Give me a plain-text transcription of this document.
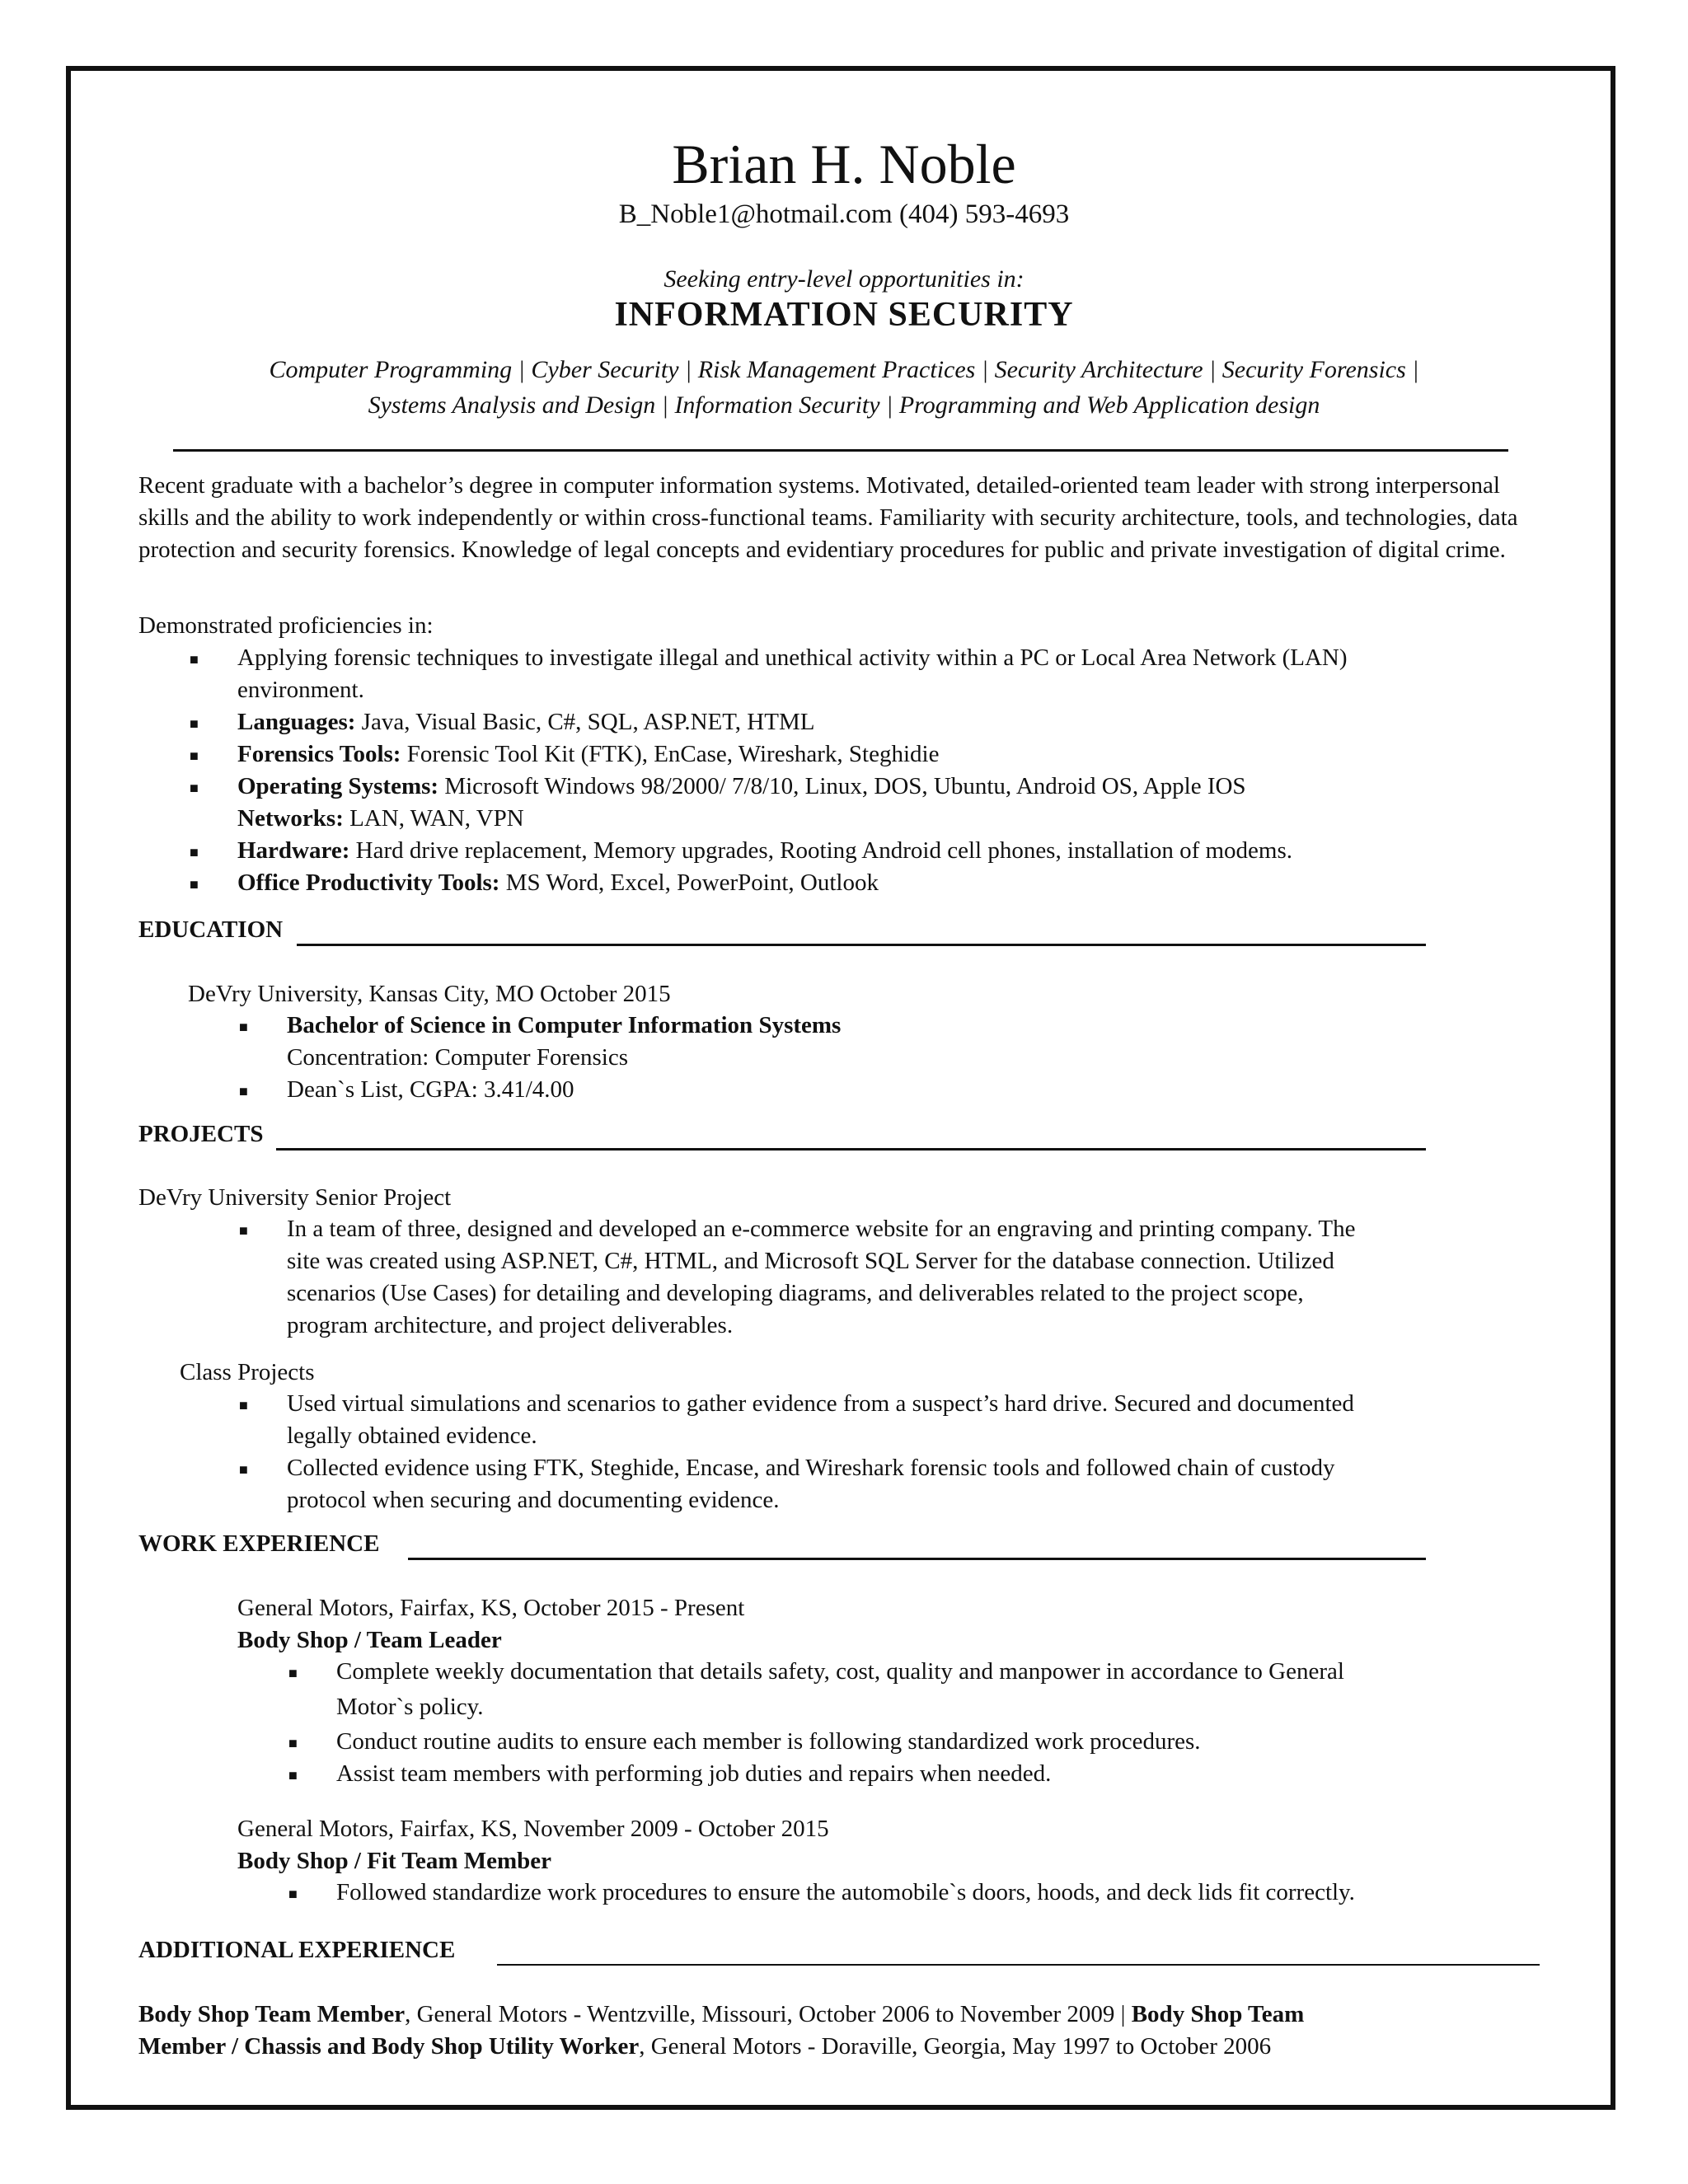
Brian H. Noble
B_Noble1@hotmail.com (404) 593-4693
Seeking entry-level opportunities in:
INFORMATION SECURITY
Computer Programming | Cyber Security | Risk Management Practices | Security Architecture | Security Forensics |
Systems Analysis and Design | Information Security | Programming and Web Application design
Recent graduate with a bachelor’s degree in computer information systems. Motivated, detailed-oriented team leader with strong interpersonal skills and the ability to work independently or within cross-functional teams. Familiarity with security architecture, tools, and technologies, data protection and security forensics. Knowledge of legal concepts and evidentiary procedures for public and private investigation of digital crime.
Demonstrated proficiencies in:
■ Applying forensic techniques to investigate illegal and unethical activity within a PC or Local Area Network (LAN)
environment.
■ Languages: Java, Visual Basic, C#, SQL, ASP.NET, HTML
■ Forensics Tools: Forensic Tool Kit (FTK), EnCase, Wireshark, Steghidie
■ Operating Systems: Microsoft Windows 98/2000/ 7/8/10, Linux, DOS, Ubuntu, Android OS, Apple IOS
Networks: LAN, WAN, VPN
■ Hardware: Hard drive replacement, Memory upgrades, Rooting Android cell phones, installation of modems.
■ Office Productivity Tools: MS Word, Excel, PowerPoint, Outlook
EDUCATION
DeVry University, Kansas City, MO October 2015
■ Bachelor of Science in Computer Information Systems
Concentration: Computer Forensics
■ Dean`s List, CGPA: 3.41/4.00
PROJECTS
DeVry University Senior Project
■ In a team of three, designed and developed an e-commerce website for an engraving and printing company. The
site was created using ASP.NET, C#, HTML, and Microsoft SQL Server for the database connection. Utilized
scenarios (Use Cases) for detailing and developing diagrams, and deliverables related to the project scope,
program architecture, and project deliverables.
Class Projects
■ Used virtual simulations and scenarios to gather evidence from a suspect’s hard drive. Secured and documented
legally obtained evidence.
■ Collected evidence using FTK, Steghide, Encase, and Wireshark forensic tools and followed chain of custody
protocol when securing and documenting evidence.
WORK EXPERIENCE
General Motors, Fairfax, KS, October 2015 - Present
Body Shop / Team Leader
■ Complete weekly documentation that details safety, cost, quality and manpower in accordance to General
Motor`s policy.
■ Conduct routine audits to ensure each member is following standardized work procedures.
■ Assist team members with performing job duties and repairs when needed.
General Motors, Fairfax, KS, November 2009 - October 2015
Body Shop / Fit Team Member
■ Followed standardize work procedures to ensure the automobile`s doors, hoods, and deck lids fit correctly.
ADDITIONAL EXPERIENCE
Body Shop Team Member, General Motors - Wentzville, Missouri, October 2006 to November 2009 | Body Shop Team
Member / Chassis and Body Shop Utility Worker, General Motors - Doraville, Georgia, May 1997 to October 2006
